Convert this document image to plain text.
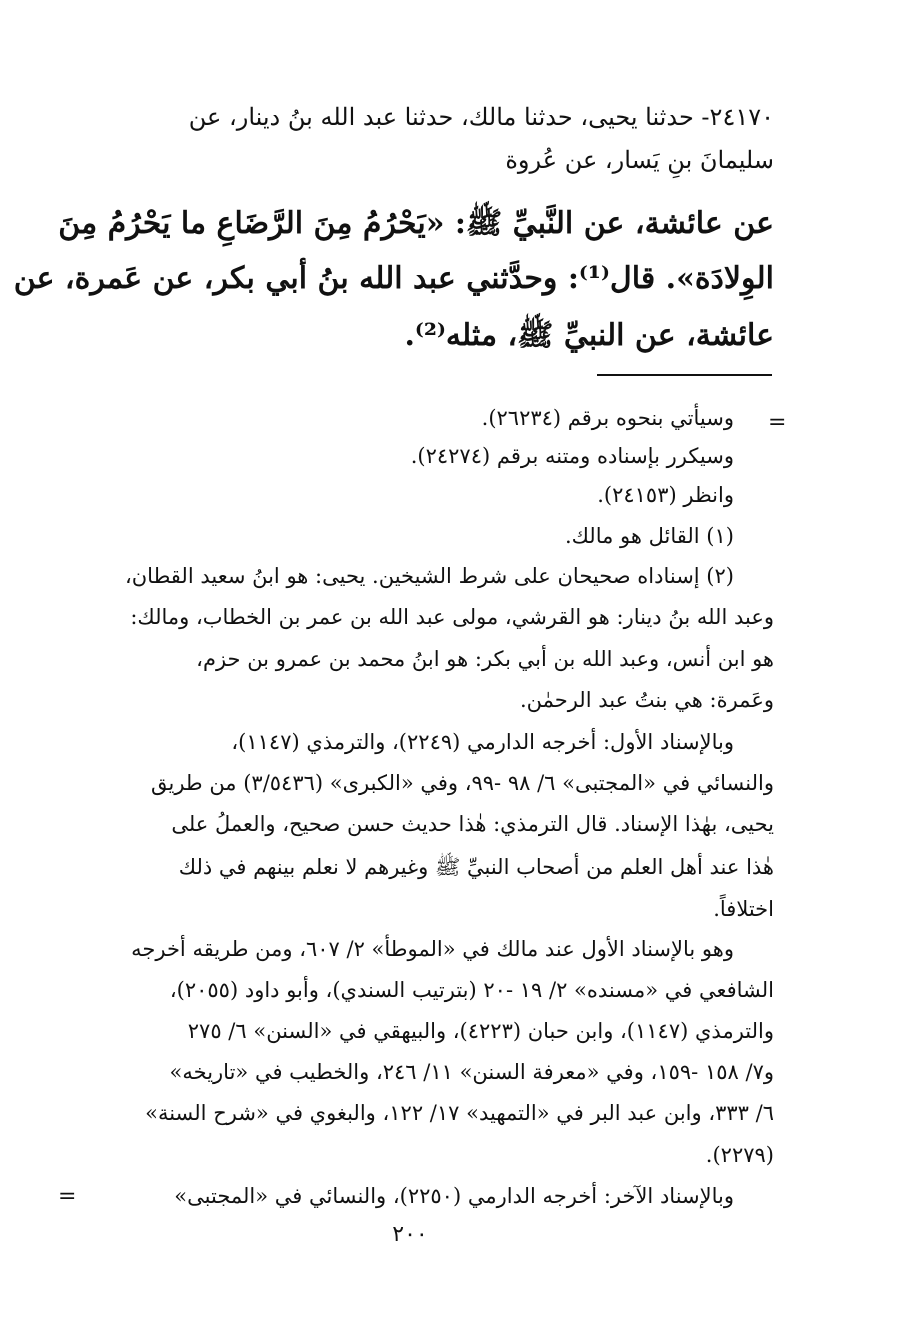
٢٤١٧٠- حدثنا يحيى، حدثنا مالك، حدثنا عبد الله بنُ دينار، عن
سليمانَ بنِ يَسار، عن عُروة
عن عائشة، عن النَّبيِّ ﷺ: «يَحْرُمُ مِنَ الرَّضَاعِ ما يَحْرُمُ مِنَ
الوِلادَة». قال⁽¹⁾: وحدَّثني عبد الله بنُ أبي بكر، عن عَمرة، عن
عائشة، عن النبيِّ ﷺ، مثله⁽²⁾.
=
وسيأتي بنحوه برقم (٢٦٢٣٤).
وسيكرر بإسناده ومتنه برقم (٢٤٢٧٤).
وانظر (٢٤١٥٣).
(١) القائل هو مالك.
(٢) إسناداه صحيحان على شرط الشيخين. يحيى: هو ابنُ سعيد القطان،
وعبد الله بنُ دينار: هو القرشي، مولى عبد الله بن عمر بن الخطاب، ومالك:
هو ابن أنس، وعبد الله بن أبي بكر: هو ابنُ محمد بن عمرو بن حزم،
وعَمرة: هي بنتُ عبد الرحمٰن.
وبالإسناد الأول: أخرجه الدارمي (٢٢٤٩)، والترمذي (١١٤٧)،
والنسائي في «المجتبى» ٦/ ٩٨ -٩٩، وفي «الكبرى» (٣/٥٤٣٦) من طريق
يحيى، بهٰذا الإسناد. قال الترمذي: هٰذا حديث حسن صحيح، والعملُ على
هٰذا عند أهل العلم من أصحاب النبيِّ ﷺ وغيرهم لا نعلم بينهم في ذلك
اختلافاً.
وهو بالإسناد الأول عند مالك في «الموطأ» ٢/ ٦٠٧، ومن طريقه أخرجه
الشافعي في «مسنده» ٢/ ١٩ -٢٠ (بترتيب السندي)، وأبو داود (٢٠٥٥)،
والترمذي (١١٤٧)، وابن حبان (٤٢٢٣)، والبيهقي في «السنن» ٦/ ٢٧٥
و٧/ ١٥٨ -١٥٩، وفي «معرفة السنن» ١١/ ٢٤٦، والخطيب في «تاريخه»
٦/ ٣٣٣، وابن عبد البر في «التمهيد» ١٧/ ١٢٢، والبغوي في «شرح السنة»
(٢٢٧٩).
وبالإسناد الآخر: أخرجه الدارمي (٢٢٥٠)، والنسائي في «المجتبى»
=
٢٠٠
